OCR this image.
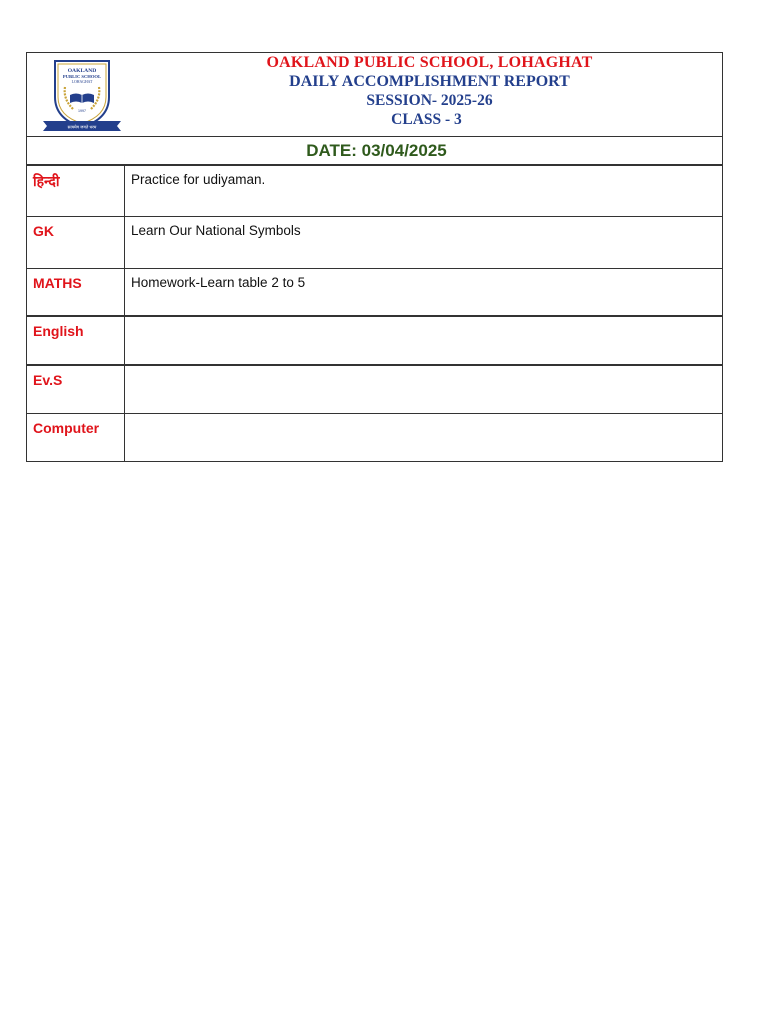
OAKLAND
PUBLIC SCHOOL
LOHAGHAT
1997
सत्यमेव जयते धरम
OAKLAND PUBLIC SCHOOL, LOHAGHAT
DAILY ACCOMPLISHMENT REPORT
SESSION- 2025-26
CLASS - 3
DATE: 03/04/2025
हिन्दी	Practice for udiyaman.
GK	Learn Our National Symbols
MATHS	Homework-Learn table 2 to 5
English
Ev.S
Computer
